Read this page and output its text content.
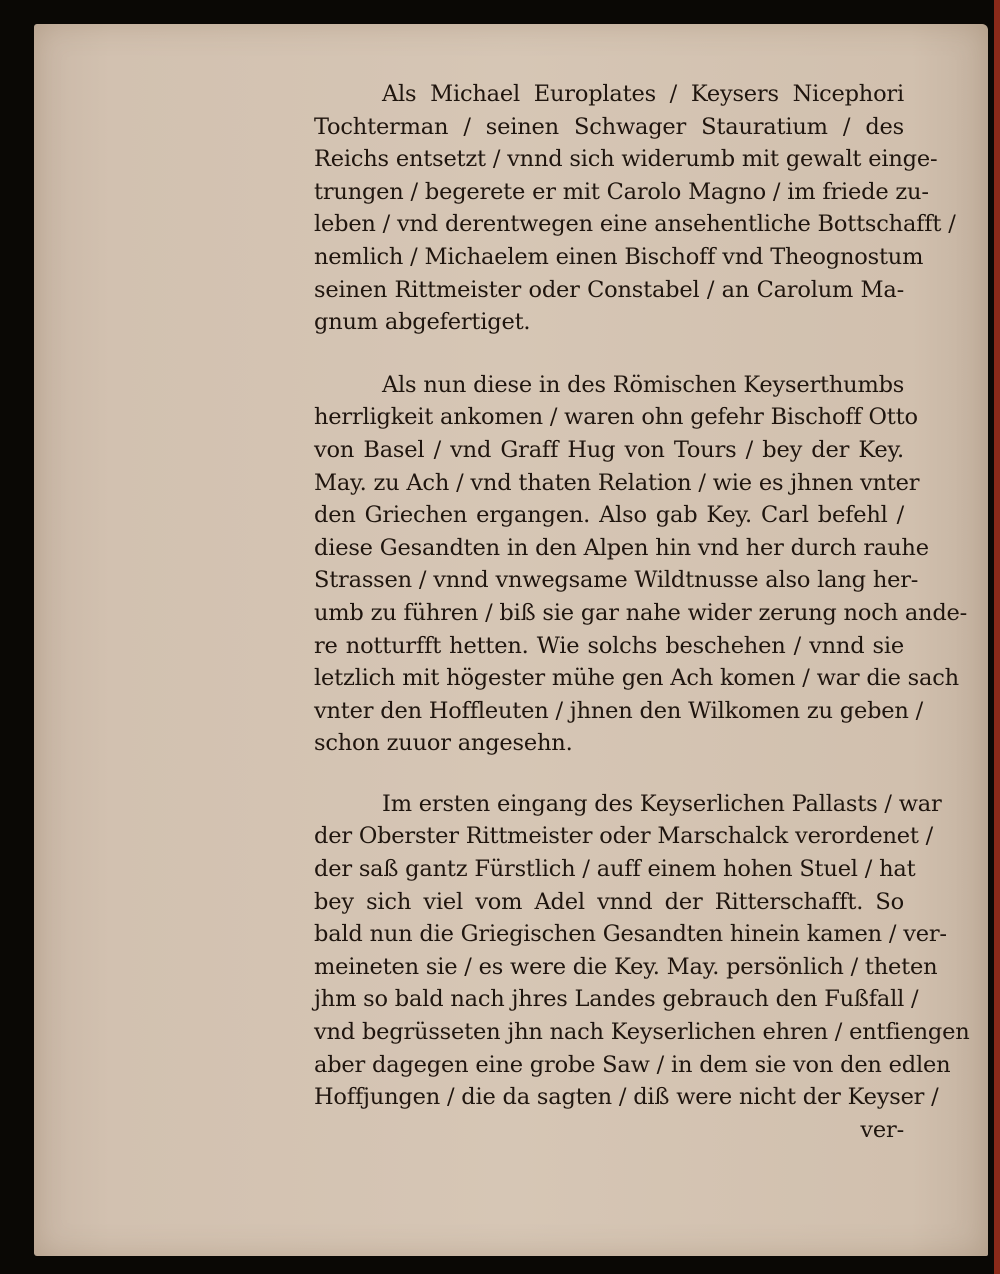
Als Michael Europlates / Keysers Nicephori
Tochterman / seinen Schwager Stauratium / des
Reichs entsetzt / vnnd sich widerumb mit gewalt einge-
trungen / begerete er mit Carolo Magno / im friede zu-
leben / vnd derentwegen eine ansehentliche Bottschafft /
nemlich / Michaelem einen Bischoff vnd Theognostum
seinen Rittmeister oder Constabel / an Carolum Ma-
gnum abgefertiget.
Als nun diese in des Römischen Keyserthumbs
herrligkeit ankomen / waren ohn gefehr Bischoff Otto
von Basel / vnd Graff Hug von Tours / bey der Key.
May. zu Ach / vnd thaten Relation / wie es jhnen vnter
den Griechen ergangen. Also gab Key. Carl befehl /
diese Gesandten in den Alpen hin vnd her durch rauhe
Strassen / vnnd vnwegsame Wildtnusse also lang her-
umb zu führen / biß sie gar nahe wider zerung noch ande-
re notturfft hetten. Wie solchs beschehen / vnnd sie
letzlich mit högester mühe gen Ach komen / war die sach
vnter den Hoffleuten / jhnen den Wilkomen zu geben /
schon zuuor angesehn.
Im ersten eingang des Keyserlichen Pallasts / war
der Oberster Rittmeister oder Marschalck verordenet /
der saß gantz Fürstlich / auff einem hohen Stuel / hat
bey sich viel vom Adel vnnd der Ritterschafft. So
bald nun die Griegischen Gesandten hinein kamen / ver-
meineten sie / es were die Key. May. persönlich / theten
jhm so bald nach jhres Landes gebrauch den Fußfall /
vnd begrüsseten jhn nach Keyserlichen ehren / entfiengen
aber dagegen eine grobe Saw / in dem sie von den edlen
Hoffjungen / die da sagten / diß were nicht der Keyser /
ver-
